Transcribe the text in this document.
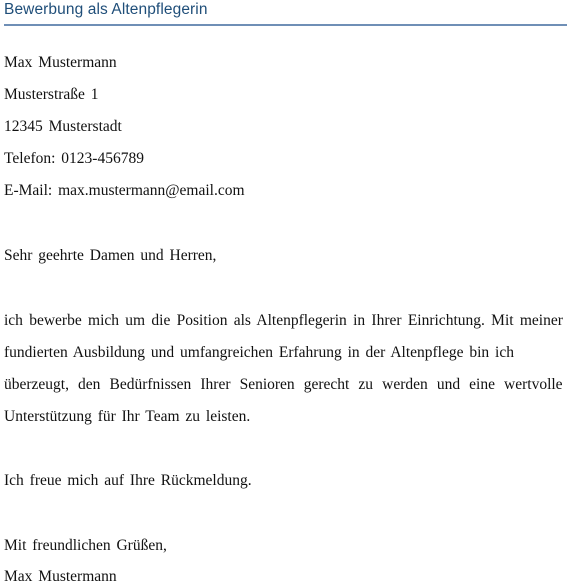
Bewerbung als Altenpflegerin
Max Mustermann
Musterstraße 1
12345 Musterstadt
Telefon: 0123-456789
E-Mail: max.mustermann@email.com
Sehr geehrte Damen und Herren,
ich bewerbe mich um die Position als Altenpflegerin in Ihrer Einrichtung. Mit meiner
fundierten Ausbildung und umfangreichen Erfahrung in der Altenpflege bin ich
überzeugt, den Bedürfnissen Ihrer Senioren gerecht zu werden und eine wertvolle
Unterstützung für Ihr Team zu leisten.
Ich freue mich auf Ihre Rückmeldung.
Mit freundlichen Grüßen,
Max Mustermann
